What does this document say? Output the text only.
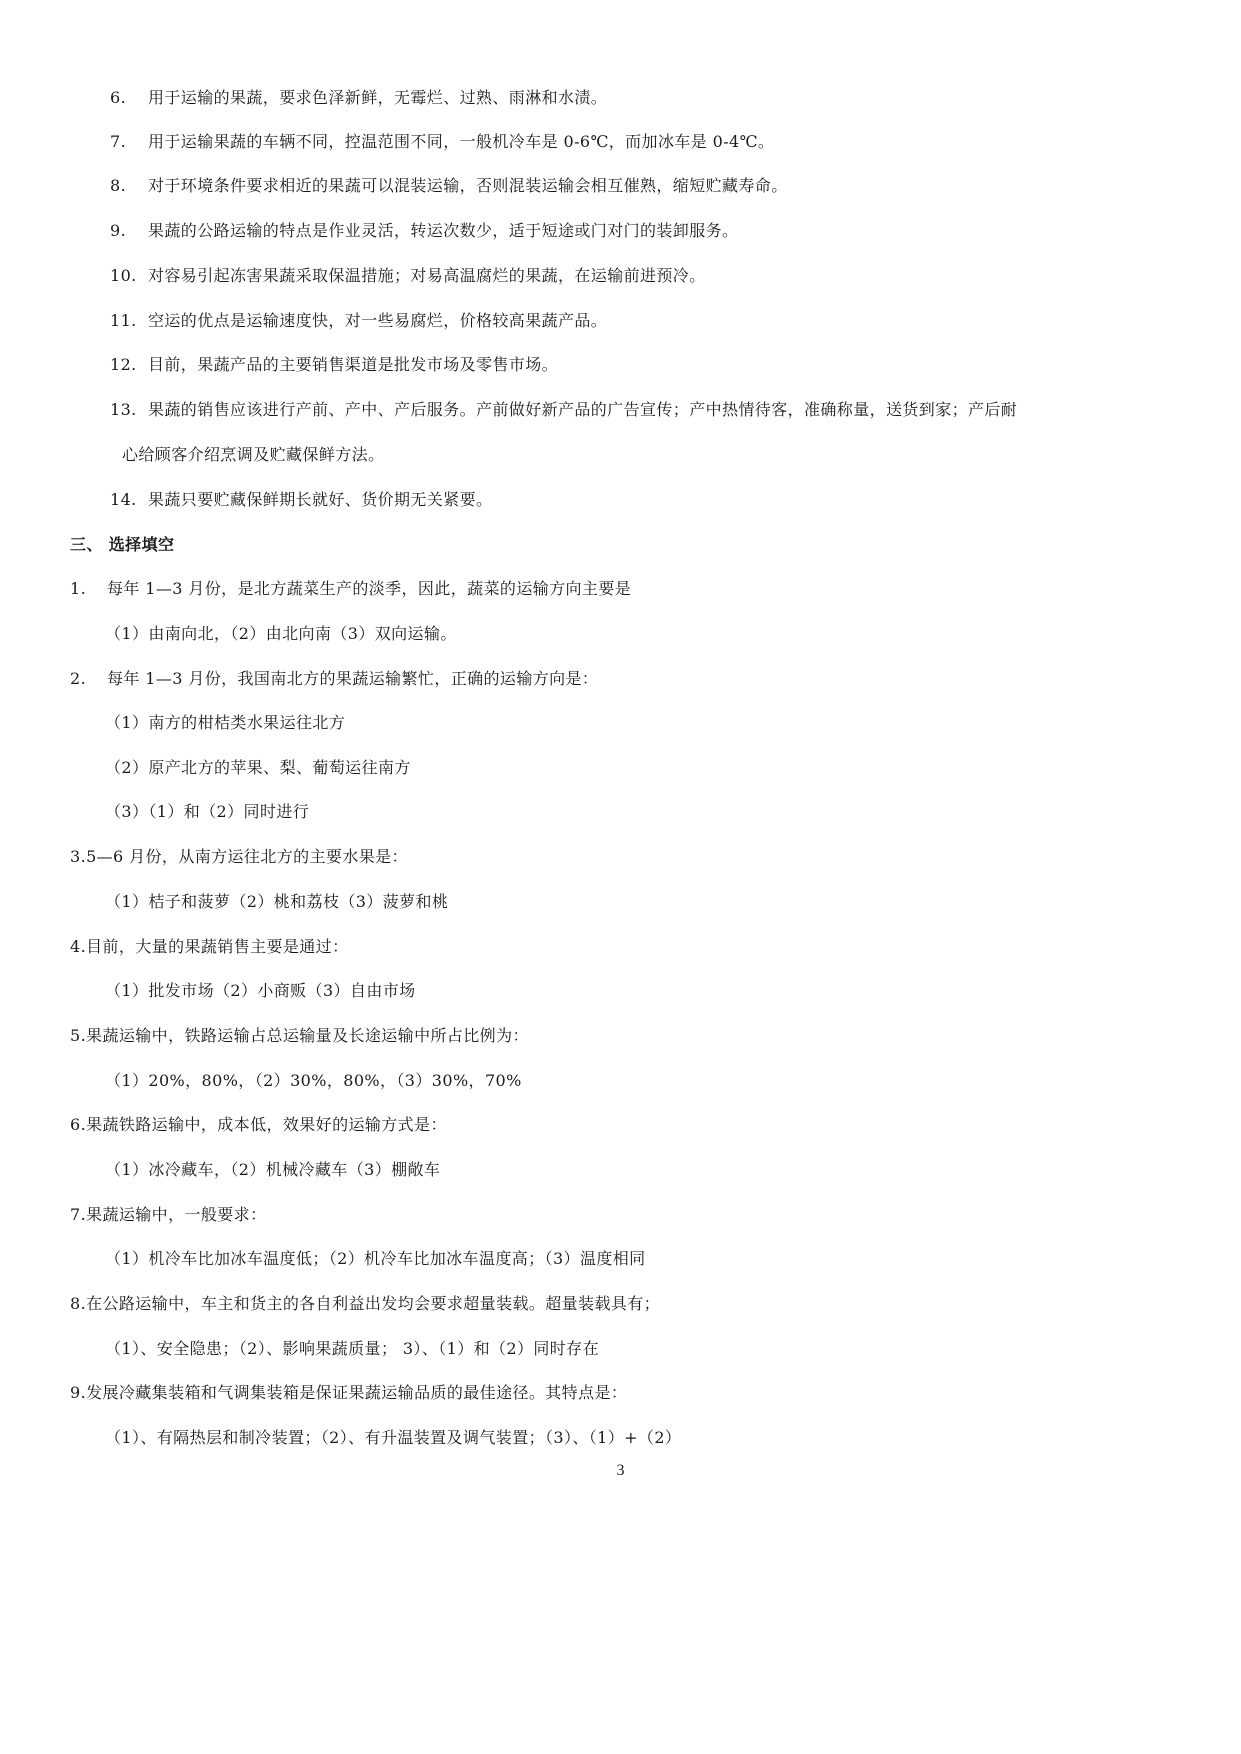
6. 用于运输的果蔬，要求色泽新鲜，无霉烂、过熟、雨淋和水渍。
7. 用于运输果蔬的车辆不同，控温范围不同，一般机冷车是 0-6℃，而加冰车是 0-4℃。
8. 对于环境条件要求相近的果蔬可以混装运输，否则混装运输会相互催熟，缩短贮藏寿命。
9. 果蔬的公路运输的特点是作业灵活，转运次数少，适于短途或门对门的装卸服务。
10. 对容易引起冻害果蔬采取保温措施；对易高温腐烂的果蔬，在运输前进预冷。
11. 空运的优点是运输速度快，对一些易腐烂，价格较高果蔬产品。
12. 目前，果蔬产品的主要销售渠道是批发市场及零售市场。
13. 果蔬的销售应该进行产前、产中、产后服务。产前做好新产品的广告宣传；产中热情待客，准确称量，送货到家；产后耐
心给顾客介绍烹调及贮藏保鲜方法。
14. 果蔬只要贮藏保鲜期长就好、货价期无关紧要。
三、 选择填空
1. 每年 1—3 月份，是北方蔬菜生产的淡季，因此，蔬菜的运输方向主要是
（1）由南向北，（2）由北向南（3）双向运输。
2. 每年 1—3 月份，我国南北方的果蔬运输繁忙，正确的运输方向是：
（1）南方的柑桔类水果运往北方
（2）原产北方的苹果、梨、葡萄运往南方
（3）（1）和（2）同时进行
3.5—6 月份，从南方运往北方的主要水果是：
（1）桔子和菠萝（2）桃和荔枝（3）菠萝和桃
4.目前，大量的果蔬销售主要是通过：
（1）批发市场（2）小商贩（3）自由市场
5.果蔬运输中，铁路运输占总运输量及长途运输中所占比例为：
（1）20%，80%，（2）30%，80%，（3）30%，70%
6.果蔬铁路运输中，成本低，效果好的运输方式是：
（1）冰冷藏车，（2）机械冷藏车（3）棚敞车
7.果蔬运输中，一般要求：
（1）机冷车比加冰车温度低；（2）机冷车比加冰车温度高；（3）温度相同
8.在公路运输中，车主和货主的各自利益出发均会要求超量装载。超量装载具有；
（1）、安全隐患；（2）、影响果蔬质量； 3）、（1）和（2）同时存在
9.发展冷藏集装箱和气调集装箱是保证果蔬运输品质的最佳途径。其特点是：
（1）、有隔热层和制冷装置；（2）、有升温装置及调气装置；（3）、（1）+（2）
3
